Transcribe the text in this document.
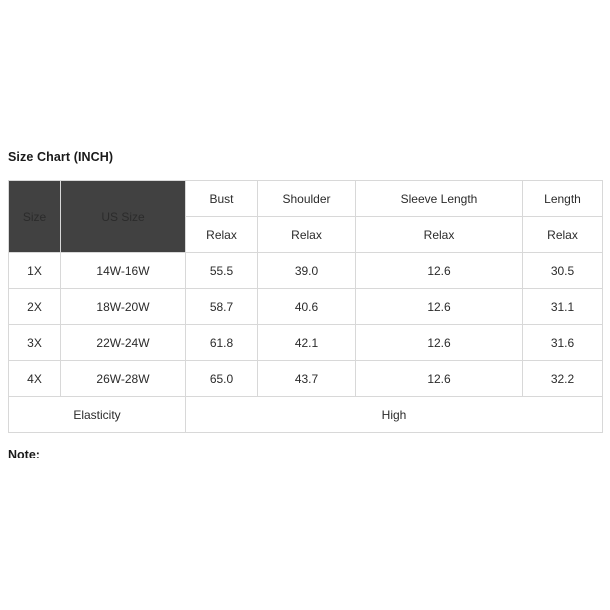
Size Chart (INCH)
Size	US Size	Bust	Shoulder	Sleeve Length	Length
		Relax	Relax	Relax	Relax
1X	14W-16W	55.5	39.0	12.6	30.5
2X	18W-20W	58.7	40.6	12.6	31.1
3X	22W-24W	61.8	42.1	12.6	31.6
4X	26W-28W	65.0	43.7	12.6	32.2
Elasticity		High			
Note:
